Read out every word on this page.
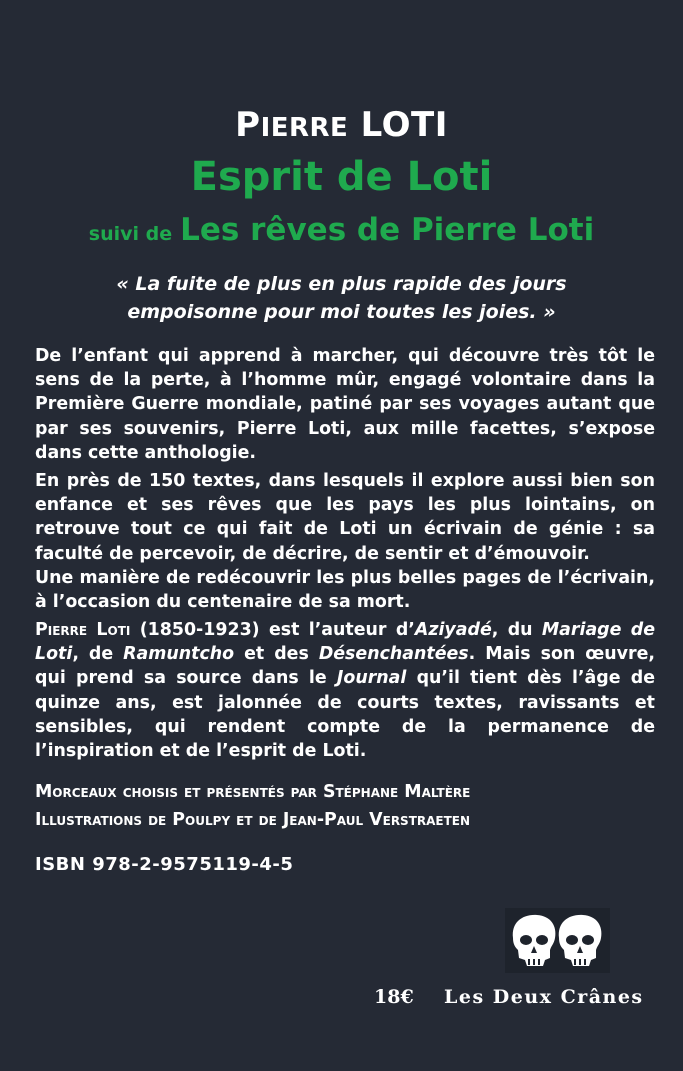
PIERRE LOTI
Esprit de Loti
suivi de Les rêves de Pierre Loti
« La fuite de plus en plus rapide des jours
empoisonne pour moi toutes les joies. »
De l’enfant qui apprend à marcher, qui découvre très tôt le sens de la perte, à l’homme mûr, engagé volontaire dans la Première Guerre mondiale, patiné par ses voyages autant que par ses souvenirs, Pierre Loti, aux mille facettes, s’expose dans cette anthologie.
En près de 150 textes, dans lesquels il explore aussi bien son enfance et ses rêves que les pays les plus lointains, on retrouve tout ce qui fait de Loti un écrivain de génie : sa faculté de percevoir, de décrire, de sentir et d’émouvoir.
Une manière de redécouvrir les plus belles pages de l’écrivain, à l’occasion du centenaire de sa mort.
Pierre Loti (1850-1923) est l’auteur d’Aziyadé, du Mariage de Loti, de Ramuntcho et des Désenchantées. Mais son œuvre, qui prend sa source dans le Journal qu’il tient dès l’âge de quinze ans, est jalonnée de courts textes, ravissants et sensibles, qui rendent compte de la permanence de l’inspiration et de l’esprit de Loti.
Morceaux choisis et présentés par Stéphane Maltère
Illustrations de Poulpy et de Jean-Paul Verstraeten
ISBN 978-2-9575119-4-5
18€ Les Deux Crânes
